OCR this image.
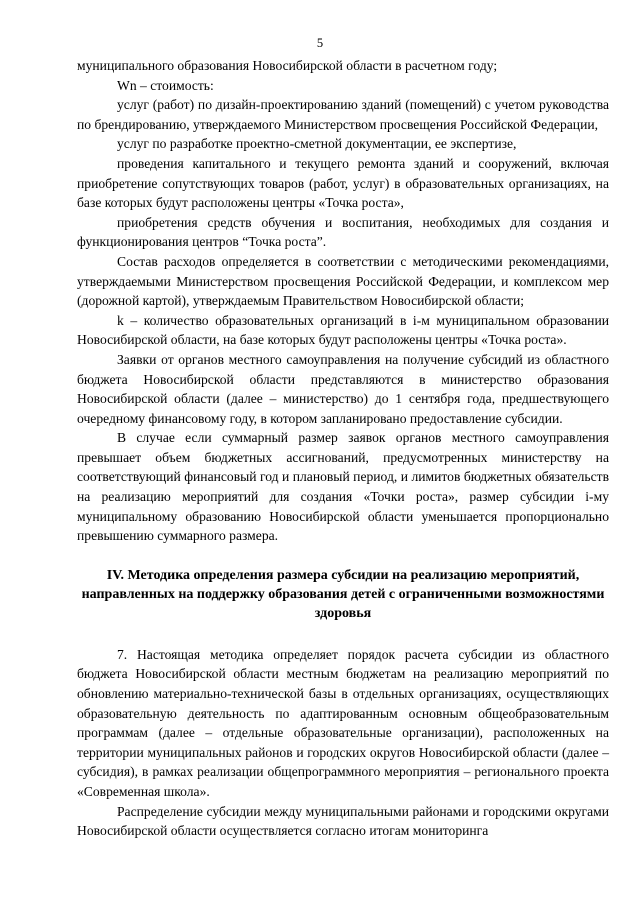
5

муниципального образования Новосибирской области в расчетном году;

Wn – стоимость:

услуг (работ) по дизайн-проектированию зданий (помещений) с учетом руководства по брендированию, утверждаемого Министерством просвещения Российской Федерации,

услуг по разработке проектно-сметной документации, ее экспертизе,

проведения капитального и текущего ремонта зданий и сооружений, включая приобретение сопутствующих товаров (работ, услуг) в образовательных организациях, на базе которых будут расположены центры «Точка роста»,

приобретения средств обучения и воспитания, необходимых для создания и функционирования центров “Точка роста”.

Состав расходов определяется в соответствии с методическими рекомендациями, утверждаемыми Министерством просвещения Российской Федерации, и комплексом мер (дорожной картой), утверждаемым Правительством Новосибирской области;

k – количество образовательных организаций в i-м муниципальном образовании Новосибирской области, на базе которых будут расположены центры «Точка роста».

Заявки от органов местного самоуправления на получение субсидий из областного бюджета Новосибирской области представляются в министерство образования Новосибирской области (далее – министерство) до 1 сентября года, предшествующего очередному финансовому году, в котором запланировано предоставление субсидии.

В случае если суммарный размер заявок органов местного самоуправления превышает объем бюджетных ассигнований, предусмотренных министерству на соответствующий финансовый год и плановый период, и лимитов бюджетных обязательств на реализацию мероприятий для создания «Точки роста», размер субсидии i-му муниципальному образованию Новосибирской области уменьшается пропорционально превышению суммарного размера.

IV. Методика определения размера субсидии на реализацию мероприятий, направленных на поддержку образования детей с ограниченными возможностями здоровья

7. Настоящая методика определяет порядок расчета субсидии из областного бюджета Новосибирской области местным бюджетам на реализацию мероприятий по обновлению материально-технической базы в отдельных организациях, осуществляющих образовательную деятельность по адаптированным основным общеобразовательным программам (далее – отдельные образовательные организации), расположенных на территории муниципальных районов и городских округов Новосибирской области (далее – субсидия), в рамках реализации общепрограммного мероприятия – регионального проекта «Современная школа».

Распределение субсидии между муниципальными районами и городскими округами Новосибирской области осуществляется согласно итогам мониторинга
